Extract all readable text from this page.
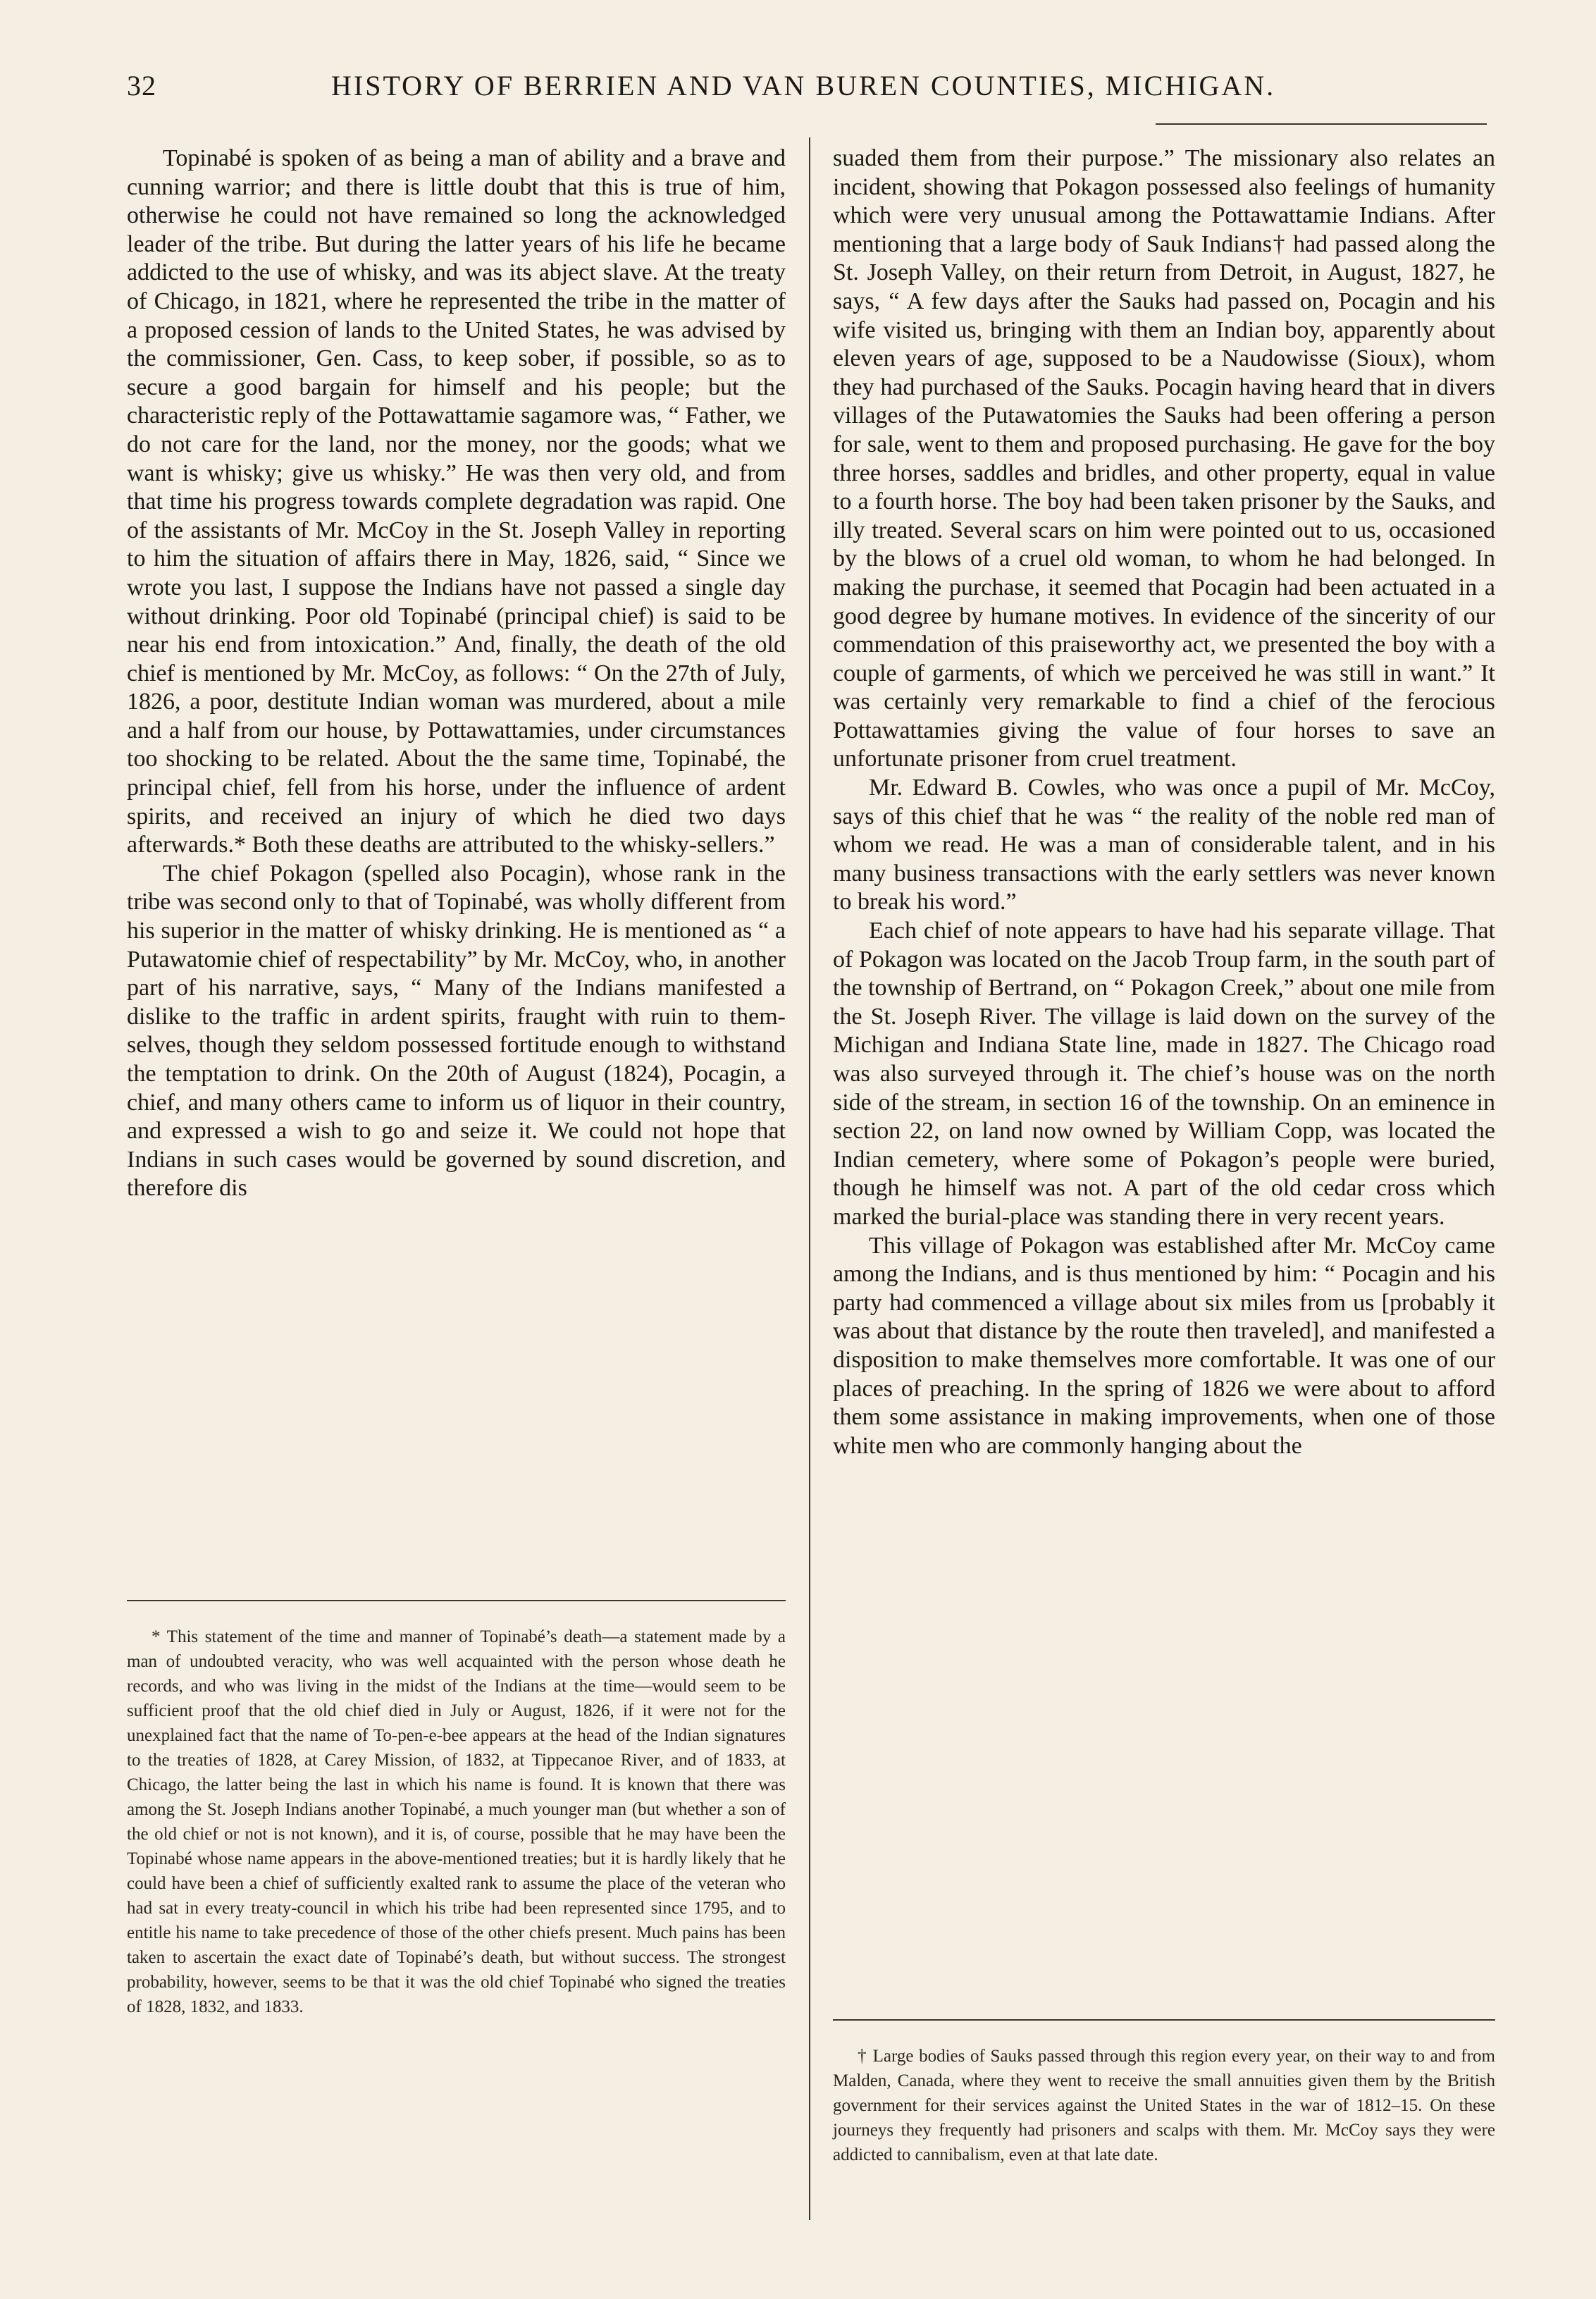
32	HISTORY OF BERRIEN AND VAN BUREN COUNTIES, MICHIGAN.

Topinabé is spoken of as being a man of ability and a brave and cunning warrior; and there is little doubt that this is true of him, otherwise he could not have remained so long the acknowledged leader of the tribe. But during the latter years of his life he became addicted to the use of whisky, and was its abject slave. At the treaty of Chicago, in 1821, where he represented the tribe in the matter of a proposed cession of lands to the United States, he was advised by the commissioner, Gen. Cass, to keep sober, if possible, so as to secure a good bargain for himself and his people; but the characteristic reply of the Pottawattamie sagamore was, “ Father, we do not care for the land, nor the money, nor the goods; what we want is whisky; give us whisky.” He was then very old, and from that time his progress towards complete degradation was rapid. One of the assistants of Mr. McCoy in the St. Joseph Valley in reporting to him the situation of affairs there in May, 1826, said, “ Since we wrote you last, I suppose the Indians have not passed a single day without drinking. Poor old Topinabé (principal chief) is said to be near his end from intoxication.” And, finally, the death of the old chief is mentioned by Mr. McCoy, as follows: “ On the 27th of July, 1826, a poor, destitute Indian woman was murdered, about a mile and a half from our house, by Pottawattamies, under circumstances too shocking to be related. About the the same time, Topinabé, the principal chief, fell from his horse, under the influence of ardent spirits, and received an injury of which he died two days afterwards.* Both these deaths are attributed to the whisky-sellers.”

The chief Pokagon (spelled also Pocagin), whose rank in the tribe was second only to that of Topinabé, was wholly different from his superior in the matter of whisky drinking. He is mentioned as “ a Putawatomie chief of respectability” by Mr. McCoy, who, in another part of his narrative, says, “ Many of the Indians manifested a dislike to the traffic in ardent spirits, fraught with ruin to themselves, though they seldom possessed fortitude enough to withstand the temptation to drink. On the 20th of August (1824), Pocagin, a chief, and many others came to inform us of liquor in their country, and expressed a wish to go and seize it. We could not hope that Indians in such cases would be governed by sound discretion, and therefore dis

suaded them from their purpose.” The missionary also relates an incident, showing that Pokagon possessed also feelings of humanity which were very unusual among the Pottawattamie Indians. After mentioning that a large body of Sauk Indians† had passed along the St. Joseph Valley, on their return from Detroit, in August, 1827, he says, “ A few days after the Sauks had passed on, Pocagin and his wife visited us, bringing with them an Indian boy, apparently about eleven years of age, supposed to be a Naudowisse (Sioux), whom they had purchased of the Sauks. Pocagin having heard that in divers villages of the Putawatomies the Sauks had been offering a person for sale, went to them and proposed purchasing. He gave for the boy three horses, saddles and bridles, and other property, equal in value to a fourth horse. The boy had been taken prisoner by the Sauks, and illy treated. Several scars on him were pointed out to us, occasioned by the blows of a cruel old woman, to whom he had belonged. In making the purchase, it seemed that Pocagin had been actuated in a good degree by humane motives. In evidence of the sincerity of our commendation of this praiseworthy act, we presented the boy with a couple of garments, of which we perceived he was still in want.” It was certainly very remarkable to find a chief of the ferocious Pottawattamies giving the value of four horses to save an unfortunate prisoner from cruel treatment.

Mr. Edward B. Cowles, who was once a pupil of Mr. McCoy, says of this chief that he was “ the reality of the noble red man of whom we read. He was a man of considerable talent, and in his many business transactions with the early settlers was never known to break his word.”

Each chief of note appears to have had his separate village. That of Pokagon was located on the Jacob Troup farm, in the south part of the township of Bertrand, on “ Pokagon Creek,” about one mile from the St. Joseph River. The village is laid down on the survey of the Michigan and Indiana State line, made in 1827. The Chicago road was also surveyed through it. The chief’s house was on the north side of the stream, in section 16 of the township. On an eminence in section 22, on land now owned by William Copp, was located the Indian cemetery, where some of Pokagon’s people were buried, though he himself was not. A part of the old cedar cross which marked the burial-place was standing there in very recent years.

This village of Pokagon was established after Mr. McCoy came among the Indians, and is thus mentioned by him: “ Pocagin and his party had commenced a village about six miles from us [probably it was about that distance by the route then traveled], and manifested a disposition to make themselves more comfortable. It was one of our places of preaching. In the spring of 1826 we were about to afford them some assistance in making improvements, when one of those white men who are commonly hanging about the

* This statement of the time and manner of Topinabé’s death—a statement made by a man of undoubted veracity, who was well acquainted with the person whose death he records, and who was living in the midst of the Indians at the time—would seem to be sufficient proof that the old chief died in July or August, 1826, if it were not for the unexplained fact that the name of To-pen-e-bee appears at the head of the Indian signatures to the treaties of 1828, at Carey Mission, of 1832, at Tippecanoe River, and of 1833, at Chicago, the latter being the last in which his name is found. It is known that there was among the St. Joseph Indians another Topinabé, a much younger man (but whether a son of the old chief or not is not known), and it is, of course, possible that he may have been the Topinabé whose name appears in the above-mentioned treaties; but it is hardly likely that he could have been a chief of sufficiently exalted rank to assume the place of the veteran who had sat in every treaty-council in which his tribe had been represented since 1795, and to entitle his name to take precedence of those of the other chiefs present. Much pains has been taken to ascertain the exact date of Topinabé’s death, but without success. The strongest probability, however, seems to be that it was the old chief Topinabé who signed the treaties of 1828, 1832, and 1833.

† Large bodies of Sauks passed through this region every year, on their way to and from Malden, Canada, where they went to receive the small annuities given them by the British government for their services against the United States in the war of 1812–15. On these journeys they frequently had prisoners and scalps with them. Mr. McCoy says they were addicted to cannibalism, even at that late date.
